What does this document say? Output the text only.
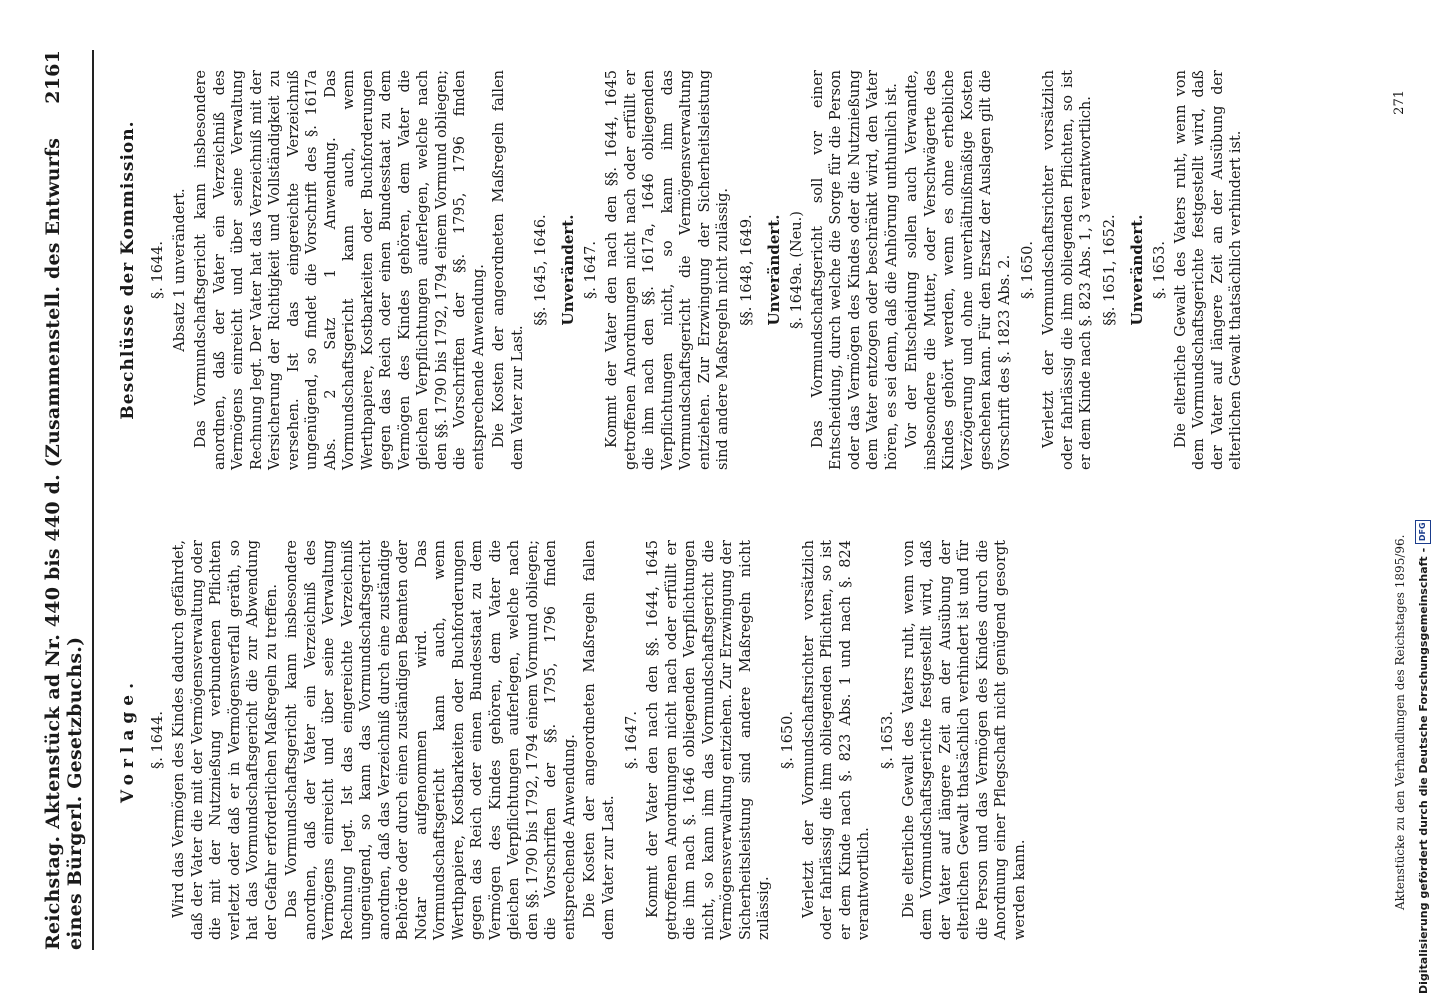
Reichstag. Aktenstück ad Nr. 440 bis 440 d. (Zusammenstell. des Entwurfs eines Bürgerl. Gesetzbuchs.)
2161
Vorlage. §. 1644. Wird das Vermögen des Kindes dadurch gefährdet, daß der Vater die mit der Vermögensverwaltung oder die mit der Nutznießung verbundenen Pflichten verletzt oder daß er in Vermögensverfall geräth, so hat das Vormundschaftsgericht die zur Abwendung der Gefahr erforderlichen Maßregeln zu treffen. Das Vormundschaftsgericht kann insbesondere anordnen, daß der Vater ein Verzeichniß des Vermögens einreicht und über seine Verwaltung Rechnung legt. Ist das eingereichte Verzeichniß ungenügend, so kann das Vormundschaftsgericht anordnen, daß das Verzeichniß durch eine zuständige Behörde oder durch einen zuständigen Beamten oder Notar aufgenommen wird. Das Vormundschaftsgericht kann auch, wenn Werthpapiere, Kostbarkeiten oder Buchforderungen gegen das Reich oder einen Bundesstaat zu dem Vermögen des Kindes gehören, dem Vater die gleichen Verpflichtungen auferlegen, welche nach den §§. 1790 bis 1792, 1794 einem Vormund obliegen; die Vorschriften der §§. 1795, 1796 finden entsprechende Anwendung. Die Kosten der angeordneten Maßregeln fallen dem Vater zur Last.
§. 1647. Kommt der Vater den nach den §§. 1644, 1645 getroffenen Anordnungen nicht nach oder erfüllt er die ihm nach §. 1646 obliegenden Verpflichtungen nicht, so kann ihm das Vormundschaftsgericht die Vermögensverwaltung entziehen. Zur Erzwingung der Sicherheitsleistung sind andere Maßregeln nicht zulässig.
§. 1650. Verletzt der Vormundschaftsrichter vorsätzlich oder fahrlässig die ihm obliegenden Pflichten, so ist er dem Kinde nach §. 823 Abs. 1 und nach §. 824 verantwortlich.
§. 1653. Die elterliche Gewalt des Vaters ruht, wenn von dem Vormundschaftsgerichte festgestellt wird, daß der Vater auf längere Zeit an der Ausübung der elterlichen Gewalt thatsächlich verhindert ist und für die Person und das Vermögen des Kindes durch die Anordnung einer Pflegschaft nicht genügend gesorgt werden kann.
Beschlüsse der Kommission. §. 1644. Absatz 1 unverändert. Das Vormundschaftsgericht kann insbesondere anordnen, daß der Vater ein Verzeichniß des Vermögens einreicht und über seine Verwaltung Rechnung legt. Der Vater hat das Verzeichniß mit der Versicherung der Richtigkeit und Vollständigkeit zu versehen. Ist das eingereichte Verzeichniß ungenügend, so findet die Vorschrift des §. 1617a Abs. 2 Satz 1 Anwendung. Das Vormundschaftsgericht kann auch, wenn Werthpapiere, Kostbarkeiten oder Buchforderungen gegen das Reich oder einen Bundesstaat zu dem Vermögen des Kindes gehören, dem Vater die gleichen Verpflichtungen auferlegen, welche nach den §§. 1790 bis 1792, 1794 einem Vormund obliegen; die Vorschriften der §§. 1795, 1796 finden entsprechende Anwendung. Die Kosten der angeordneten Maßregeln fallen dem Vater zur Last.
§§. 1645, 1646. Unverändert. §. 1647. Kommt der Vater den nach den §§. 1644, 1645 getroffenen Anordnungen nicht nach oder erfüllt er die ihm nach den §§. 1617a, 1646 obliegenden Verpflichtungen nicht, so kann ihm das Vormundschaftsgericht die Vermögensverwaltung entziehen. Zur Erzwingung der Sicherheitsleistung sind andere Maßregeln nicht zulässig. §§. 1648, 1649. Unverändert. §. 1649a. (Neu.) Das Vormundschaftsgericht soll vor einer Entscheidung, durch welche die Sorge für die Person oder das Vermögen des Kindes oder die Nutznießung dem Vater entzogen oder beschränkt wird, den Vater hören, es sei denn, daß die Anhörung unthunlich ist. Vor der Entscheidung sollen auch Verwandte, insbesondere die Mutter, oder Verschwägerte des Kindes gehört werden, wenn es ohne erhebliche Verzögerung und ohne unverhältnißmäßige Kosten geschehen kann. Für den Ersatz der Auslagen gilt die Vorschrift des §. 1823 Abs. 2. §. 1650. Verletzt der Vormundschaftsrichter vorsätzlich oder fahrlässig die ihm obliegenden Pflichten, so ist er dem Kinde nach §. 823 Abs. 1, 3 verantwortlich. §§. 1651, 1652. Unverändert. §. 1653. Die elterliche Gewalt des Vaters ruht, wenn von dem Vormundschaftsgerichte festgestellt wird, daß der Vater auf längere Zeit an der Ausübung der elterlichen Gewalt thatsächlich verhindert ist.
Aktenstücke zu den Verhandlungen des Reichstages 1895/96.
271
Digitalisierung gefördert durch die Deutsche Forschungsgemeinschaft
-
DFG
